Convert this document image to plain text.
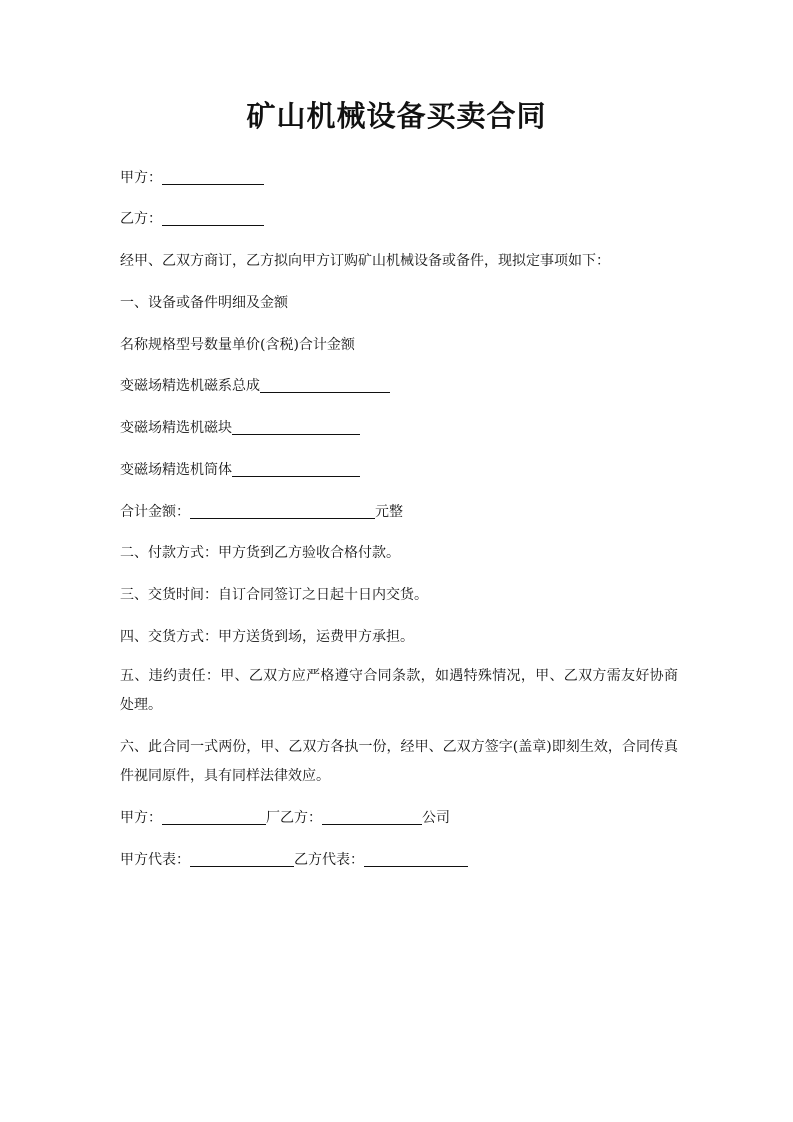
矿山机械设备买卖合同
甲方：
乙方：
经甲、乙双方商订，乙方拟向甲方订购矿山机械设备或备件，现拟定事项如下：
一、设备或备件明细及金额
名称规格型号数量单价(含税)合计金额
变磁场精选机磁系总成
变磁场精选机磁块
变磁场精选机筒体
合计金额：	元整
二、付款方式：甲方货到乙方验收合格付款。
三、交货时间：自订合同签订之日起十日内交货。
四、交货方式：甲方送货到场，运费甲方承担。
五、违约责任：甲、乙双方应严格遵守合同条款，如遇特殊情况，甲、乙双方需友好协商处理。
六、此合同一式两份，甲、乙双方各执一份，经甲、乙双方签字(盖章)即刻生效，合同传真件视同原件，具有同样法律效应。
甲方：	厂乙方：	公司
甲方代表：	乙方代表：
